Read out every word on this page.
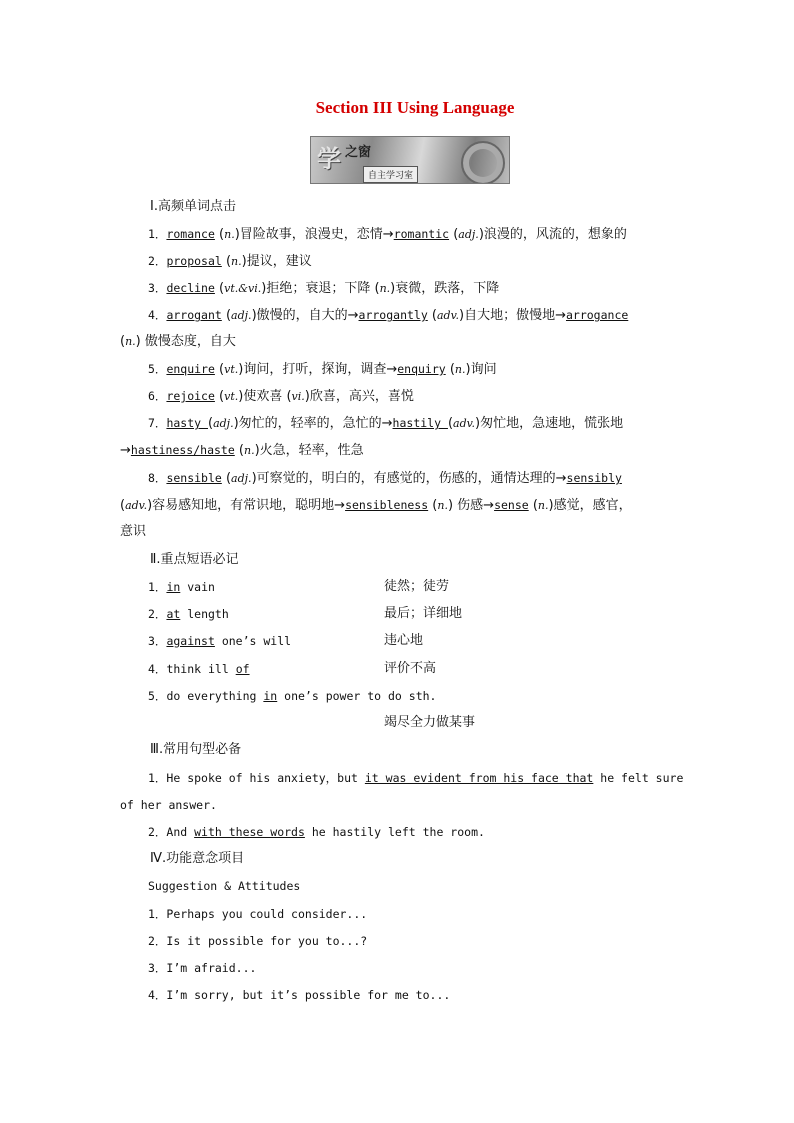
Section III Using Language
学 之窗
自主学习室
Ⅰ.高频单词点击
1．romance (n.)冒险故事，浪漫史，恋情→romantic (adj.)浪漫的，风流的，想象的
2．proposal (n.)提议，建议
3．decline (vt.&vi.)拒绝；衰退；下降 (n.)衰微，跌落，下降
4．arrogant (adj.)傲慢的，自大的→arrogantly (adv.)自大地；傲慢地→arrogance
(n.) 傲慢态度，自大
5．enquire (vt.)询问，打听，探询，调查→enquiry (n.)询问
6．rejoice (vt.)使欢喜 (vi.)欣喜，高兴，喜悦
7．hasty (adj.)匆忙的，轻率的，急忙的→hastily (adv.)匆忙地，急速地，慌张地
→hastiness/haste (n.)火急，轻率，性急
8．sensible (adj.)可察觉的，明白的，有感觉的，伤感的，通情达理的→sensibly
(adv.)容易感知地，有常识地，聪明地→sensibleness (n.) 伤感→sense (n.)感觉，感官，
意识
Ⅱ.重点短语必记
1．in vain	徒然；徒劳
2．at length	最后；详细地
3．against one’s will	违心地
4．think ill of	评价不高
5．do everything in one’s power to do sth.
竭尽全力做某事
Ⅲ.常用句型必备
1．He spoke of his anxiety，but it was evident from his face that he felt sure
of her answer.
2．And with these words he hastily left the room.
Ⅳ.功能意念项目
Suggestion & Attitudes
1．Perhaps you could consider...
2．Is it possible for you to...?
3．I’m afraid...
4．I’m sorry, but it’s possible for me to...
